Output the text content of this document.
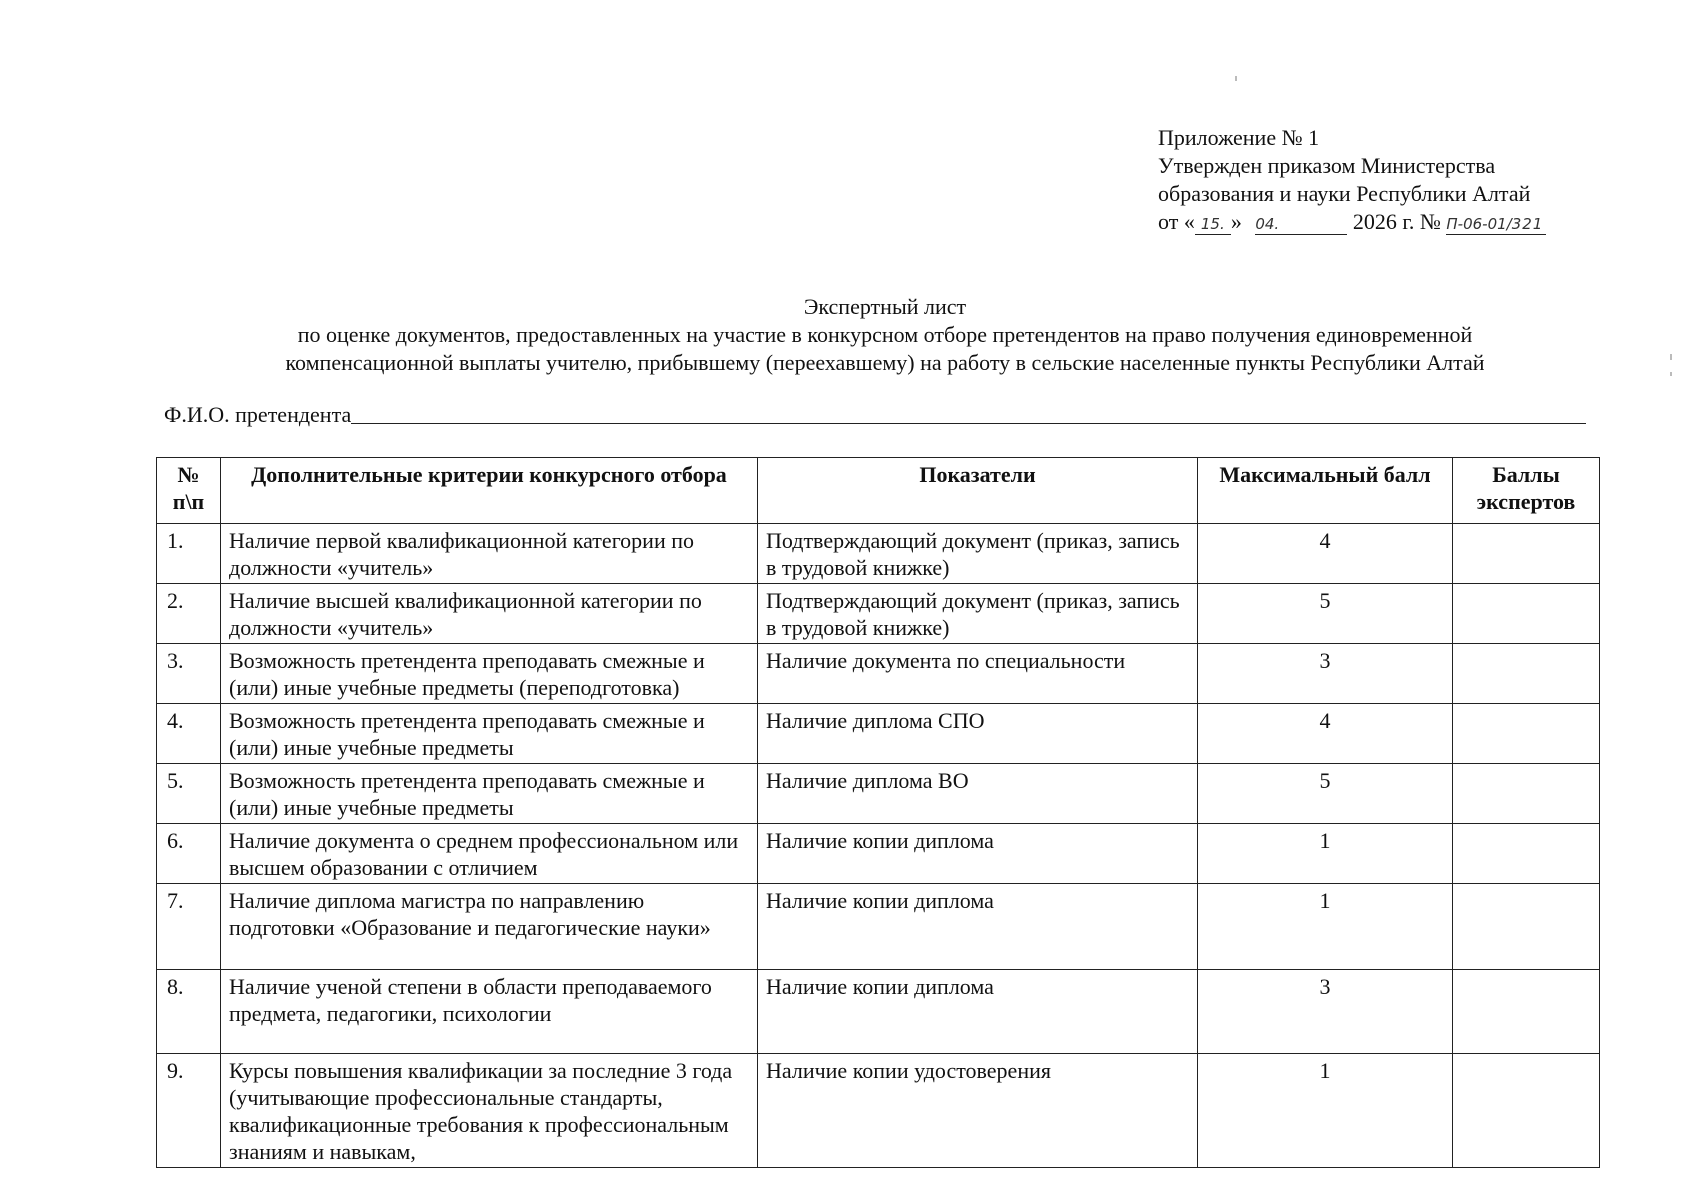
Приложение № 1
Утвержден приказом Министерства
образования и науки Республики Алтай
от « 15. » 04.	2026 г. № П-06-01/321
Экспертный лист
по оценке документов, предоставленных на участие в конкурсном отборе претендентов на право получения единовременной
компенсационной выплаты учителю, прибывшему (переехавшему) на работу в сельские населенные пункты Республики Алтай
Ф.И.О. претендента
№
п\п	Дополнительные критерии конкурсного отбора	Показатели	Максимальный балл	Баллы экспертов
1.	Наличие первой квалификационной категории по должности «учитель»	Подтверждающий документ (приказ, запись в трудовой книжке)	4	
2.	Наличие высшей квалификационной категории по должности «учитель»	Подтверждающий документ (приказ, запись в трудовой книжке)	5	
3.	Возможность претендента преподавать смежные и (или) иные учебные предметы (переподготовка)	Наличие документа по специальности	3	
4.	Возможность претендента преподавать смежные и (или) иные учебные предметы	Наличие диплома СПО	4	
5.	Возможность претендента преподавать смежные и (или) иные учебные предметы	Наличие диплома ВО	5	
6.	Наличие документа о среднем профессиональном или высшем образовании с отличием	Наличие копии диплома	1	
7.	Наличие диплома магистра по направлению подготовки «Образование и педагогические науки»	Наличие копии диплома	1	
8.	Наличие ученой степени в области преподаваемого предмета, педагогики, психологии	Наличие копии диплома	3	
9.	Курсы повышения квалификации за последние 3 года (учитывающие профессиональные стандарты, квалификационные требования к профессиональным знаниям и навыкам,	Наличие копии удостоверения	1	
